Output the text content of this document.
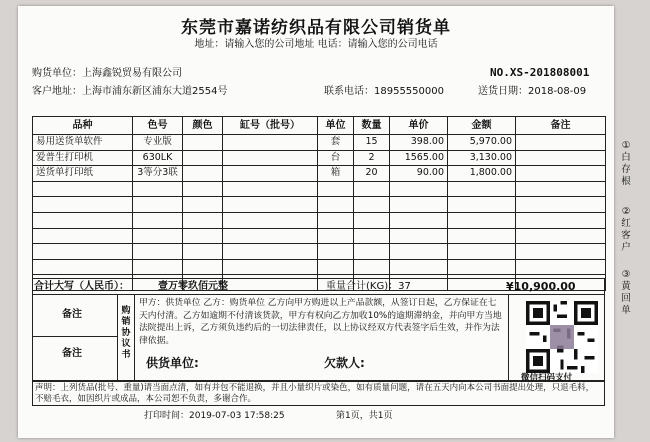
东莞市嘉诺纺织品有限公司销货单
地址：请输入您的公司地址 电话：请输入您的公司电话
购货单位：上海鑫锐贸易有限公司	NO.XS-201808001
客户地址：上海市浦东新区浦东大道2554号	联系电话：18955550000	送货日期：2018-08-09
品种	色号	颜色	缸号（批号）	单位	数量	单价	金额	备注
易用送货单软件	专业版			套	15	398.00	5,970.00	
爱普生打印机	630LK			台	2	1565.00	3,130.00	
送货单打印纸	3等分3联			箱	20	90.00	1,800.00	

合计大写（人民币）：	壹万零玖佰元整	重量合计(KG)：37	¥10,900.00
备注
备注
购销协议书
甲方：供货单位 乙方：购货单位 乙方向甲方购进以上产品款额，从签订日起，乙方保证在七天内付清。乙方如逾期不付清该货款，甲方有权向乙方加收10%的逾期滞纳金，并向甲方当地法院提出上诉，乙方须负违约后的一切法律责任，以上协议经双方代表签字后生效，并作为法律依据。
供货单位:	欠款人:
微信扫码支付
声明：上列货品(批号、重量)请当面点清，如有并包不能退换，并且小量织片或染色，如有质量问题，请在五天内向本公司书面提出处理，只退毛料，不赔毛衣，如因织片或成品，本公司恕不负责，多谢合作。
打印时间：2019-07-03 17:58:25	第1页，共1页
①白存根
②红客户
③黄回单
